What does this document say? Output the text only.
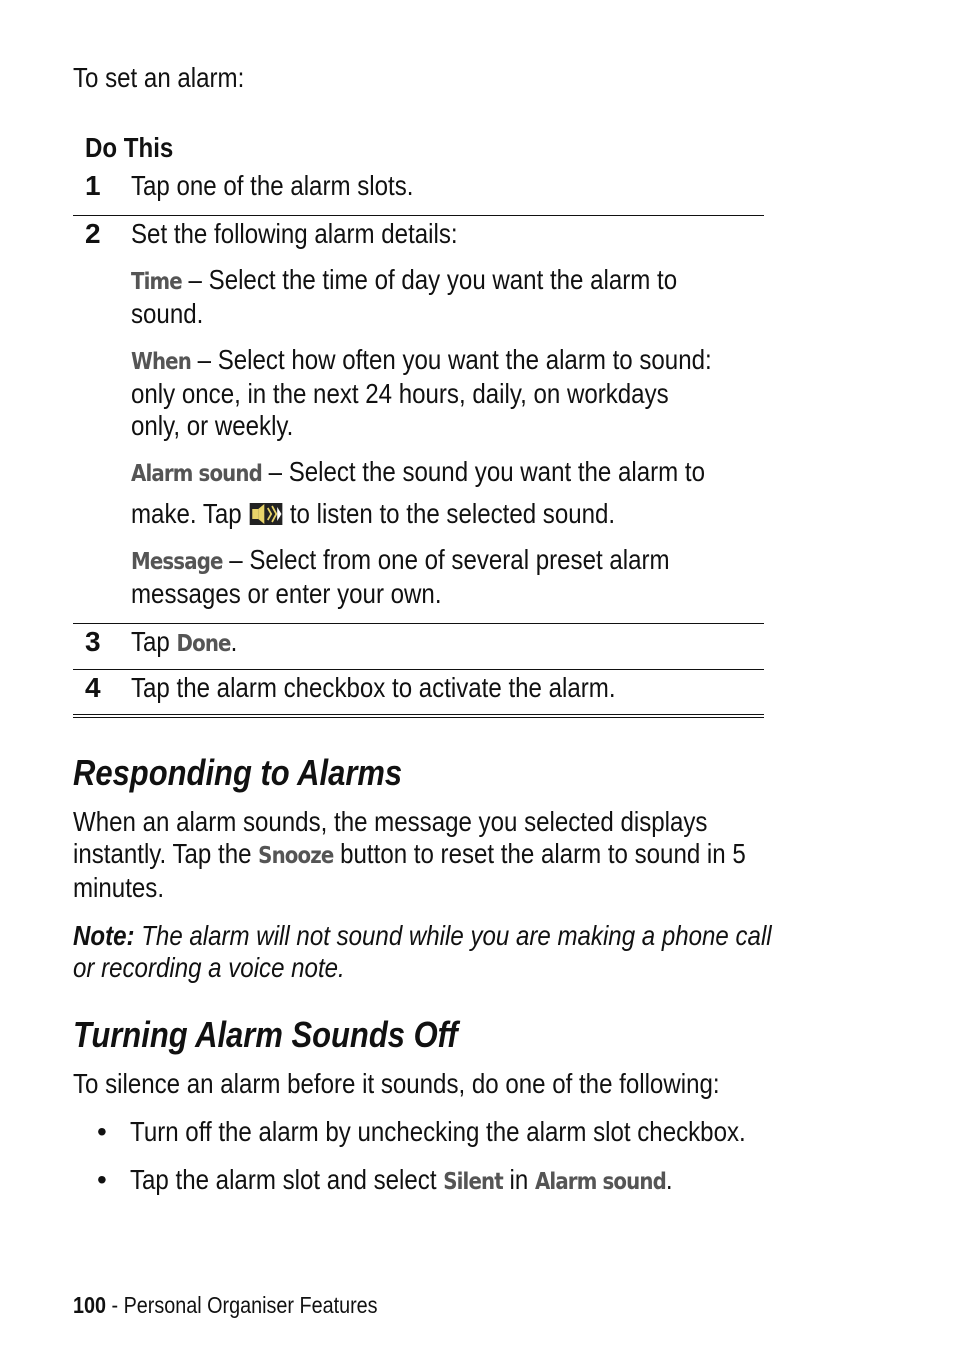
To set an alarm:
Do This
1 Tap one of the alarm slots.
2 Set the following alarm details:
Time – Select the time of day you want the alarm to
sound.
When – Select how often you want the alarm to sound:
only once, in the next 24 hours, daily, on workdays
only, or weekly.
Alarm sound – Select the sound you want the alarm to
make. Tap to listen to the selected sound.
Message – Select from one of several preset alarm
messages or enter your own.
3 Tap Done.
4 Tap the alarm checkbox to activate the alarm.
Responding to Alarms
When an alarm sounds, the message you selected displays
instantly. Tap the Snooze button to reset the alarm to sound in 5
minutes.
Note: The alarm will not sound while you are making a phone call
or recording a voice note.
Turning Alarm Sounds Off
To silence an alarm before it sounds, do one of the following:
• Turn off the alarm by unchecking the alarm slot checkbox.
• Tap the alarm slot and select Silent in Alarm sound.
100 - Personal Organiser Features
